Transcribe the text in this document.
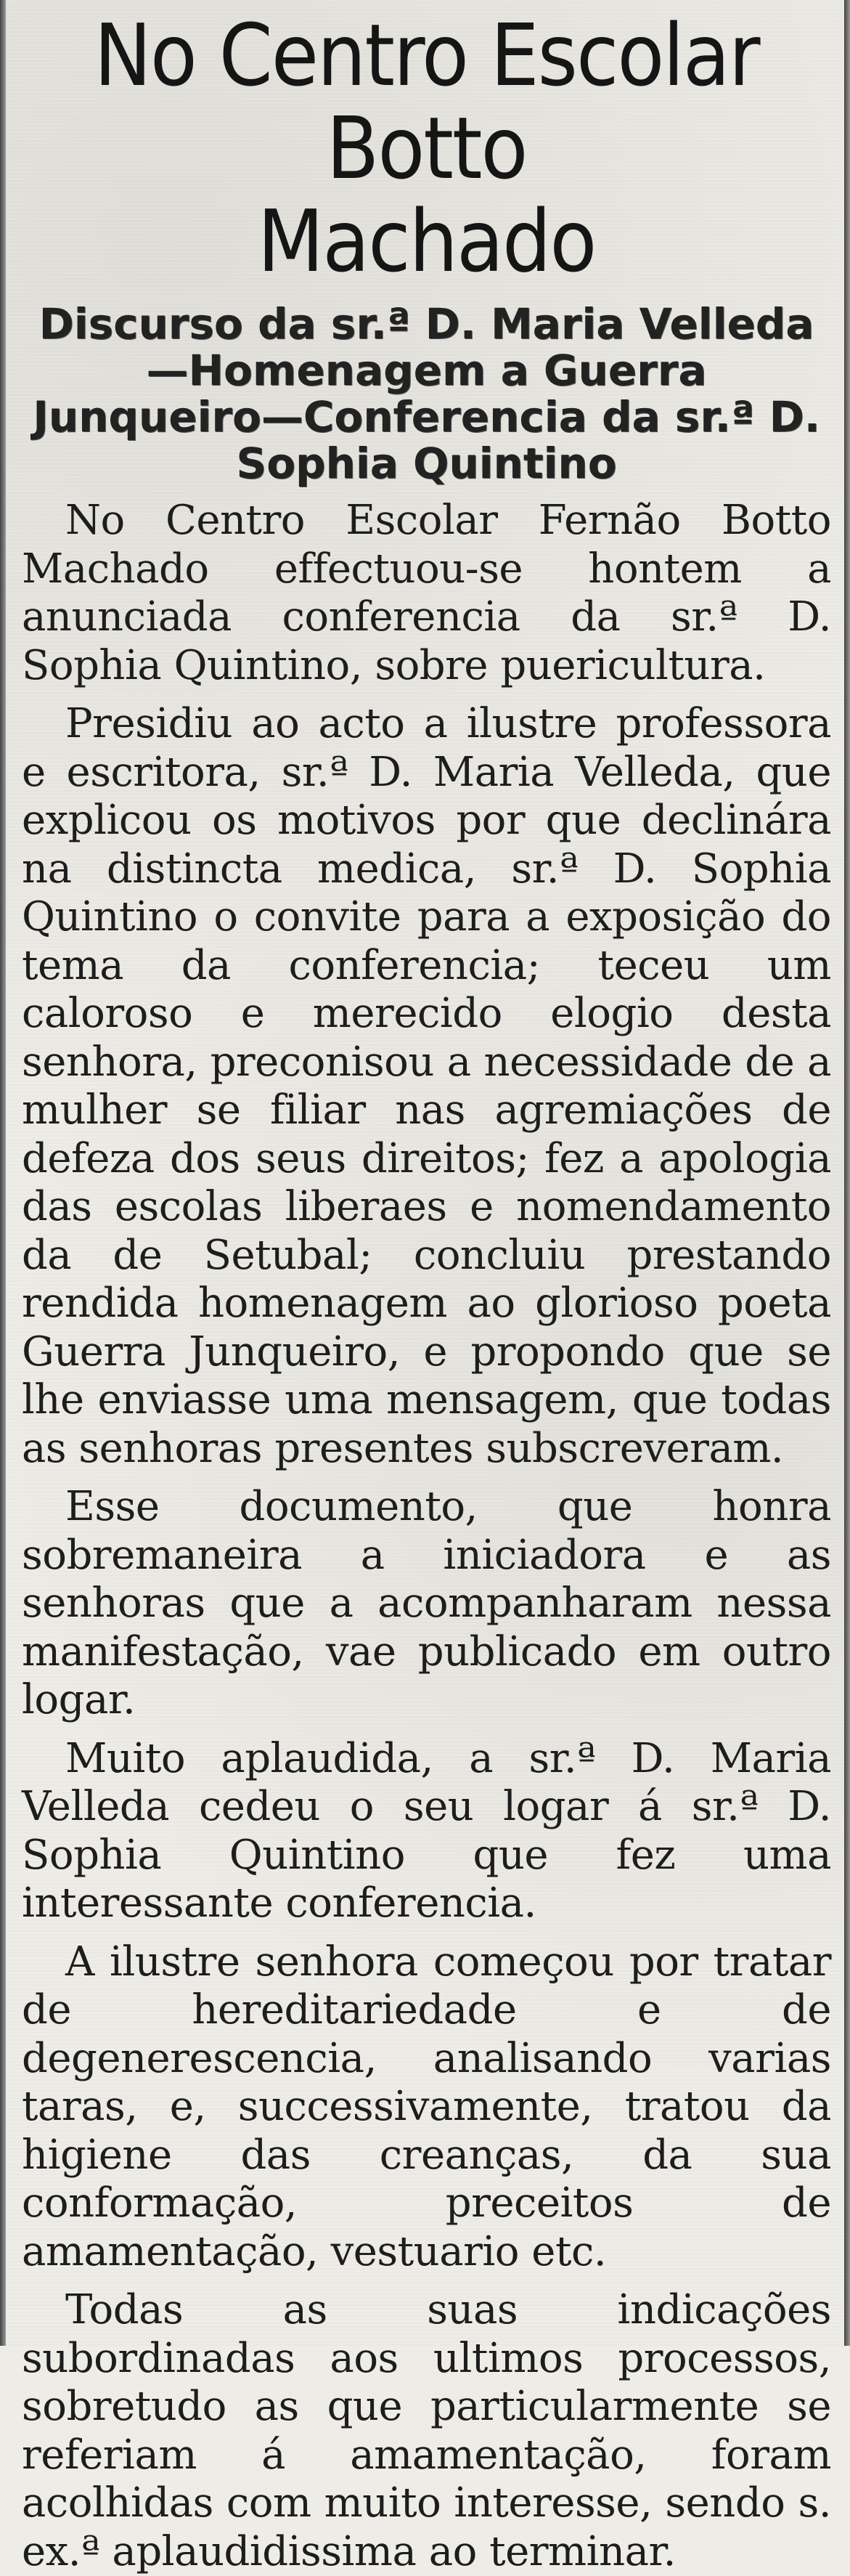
No Centro Escolar Botto
Machado
Discurso da sr.ª D. Maria Velleda—Homenagem a Guerra Junqueiro—Conferencia da sr.ª D. Sophia Quintino

No Centro Escolar Fernão Botto Machado effectuou-se hontem a anunciada conferencia da sr.ª D. Sophia Quintino, sobre puericultura.

Presidiu ao acto a ilustre professora e escritora, sr.ª D. Maria Velleda, que explicou os motivos por que declinára na distincta medica, sr.ª D. Sophia Quintino o convite para a exposição do tema da conferencia; teceu um caloroso e merecido elogio desta senhora, preconisou a necessidade de a mulher se filiar nas agremiações de defeza dos seus direitos; fez a apologia das escolas liberaes e nomendamento da de Setubal; concluiu prestando rendida homenagem ao glorioso poeta Guerra Junqueiro, e propondo que se lhe enviasse uma mensagem, que todas as senhoras presentes subscreveram.

Esse documento, que honra sobremaneira a iniciadora e as senhoras que a acompanharam nessa manifestação, vae publicado em outro logar.

Muito aplaudida, a sr.ª D. Maria Velleda cedeu o seu logar á sr.ª D. Sophia Quintino que fez uma interessante conferencia.

A ilustre senhora começou por tratar de hereditariedade e de degenerescencia, analisando varias taras, e, successivamente, tratou da higiene das creanças, da sua conformação, preceitos de amamentação, vestuario etc.

Todas as suas indicações subordinadas aos ultimos processos, sobretudo as que particularmente se referiam á amamentação, foram acolhidas com muito interesse, sendo s. ex.ª aplaudidissima ao terminar.
